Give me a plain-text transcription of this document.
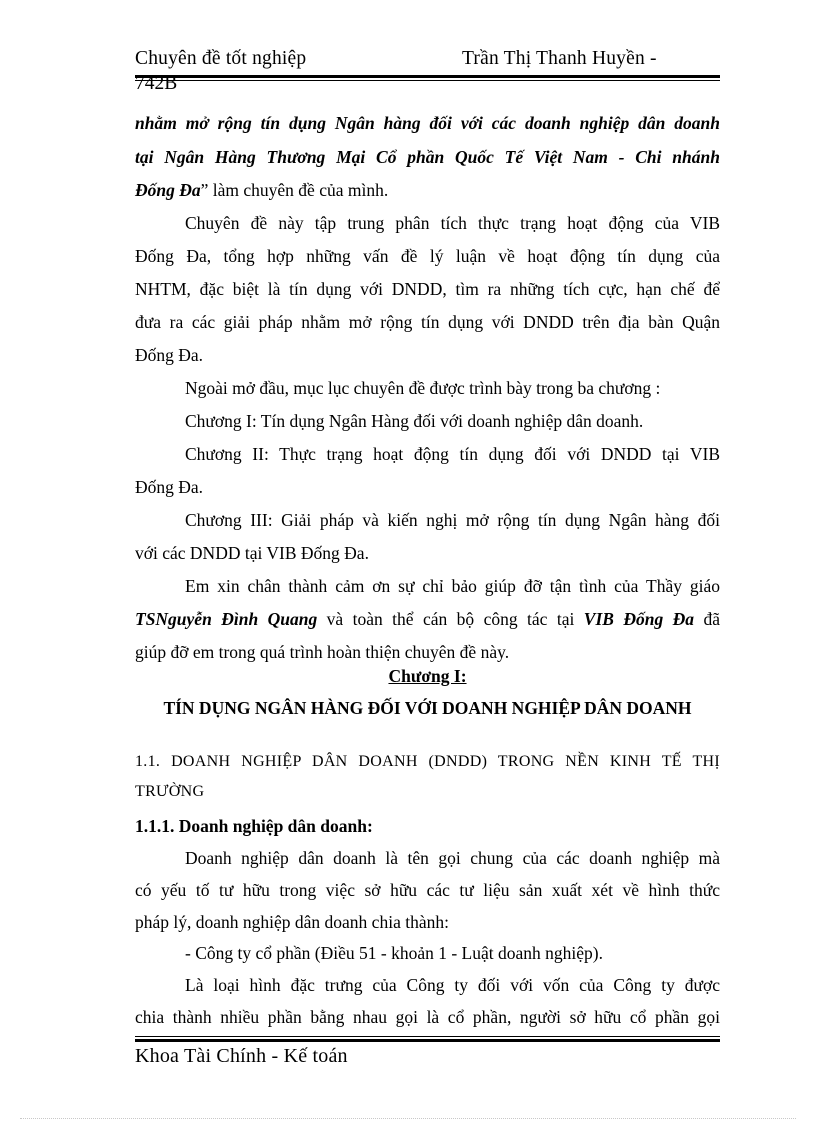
Chuyên đề tốt nghiệp	Trần Thị Thanh Huyền -
742B
nhằm mở rộng tín dụng Ngân hàng đối với các doanh nghiệp dân doanh
tại Ngân Hàng Thương Mại Cổ phần Quốc Tế Việt Nam - Chi nhánh
Đống Đa” làm chuyên đề của mình.
Chuyên đề này tập trung phân tích thực trạng hoạt động của VIB
Đống Đa, tổng hợp những vấn đề lý luận về hoạt động tín dụng của
NHTM, đặc biệt là tín dụng với DNDD, tìm ra những tích cực, hạn chế để
đưa ra các giải pháp nhằm mở rộng tín dụng với DNDD trên địa bàn Quận
Đống Đa.
Ngoài mở đầu, mục lục chuyên đề được trình bày trong ba chương :
Chương I: Tín dụng Ngân Hàng đối với doanh nghiệp dân doanh.
Chương II: Thực trạng hoạt động tín dụng đối với DNDD tại VIB
Đống Đa.
Chương III: Giải pháp và kiến nghị mở rộng tín dụng Ngân hàng đối
với các DNDD tại VIB Đống Đa.
Em xin chân thành cảm ơn sự chỉ bảo giúp đỡ tận tình của Thầy giáo
TSNguyễn Đình Quang và toàn thể cán bộ công tác tại VIB Đống Đa đã
giúp đỡ em trong quá trình hoàn thiện chuyên đề này.
Chương I:
TÍN DỤNG NGÂN HÀNG ĐỐI VỚI DOANH NGHIỆP DÂN DOANH
1.1. DOANH NGHIỆP DÂN DOANH (DNDD) TRONG NỀN KINH TẾ THỊ
TRƯỜNG
1.1.1. Doanh nghiệp dân doanh:
Doanh nghiệp dân doanh là tên gọi chung của các doanh nghiệp mà
có yếu tố tư hữu trong việc sở hữu các tư liệu sản xuất xét về hình thức
pháp lý, doanh nghiệp dân doanh chia thành:
- Công ty cổ phần (Điều 51 - khoản 1 - Luật doanh nghiệp).
Là loại hình đặc trưng của Công ty đối với vốn của Công ty được
chia thành nhiều phần bằng nhau gọi là cổ phần, người sở hữu cổ phần gọi
Khoa Tài Chính - Kế toán
